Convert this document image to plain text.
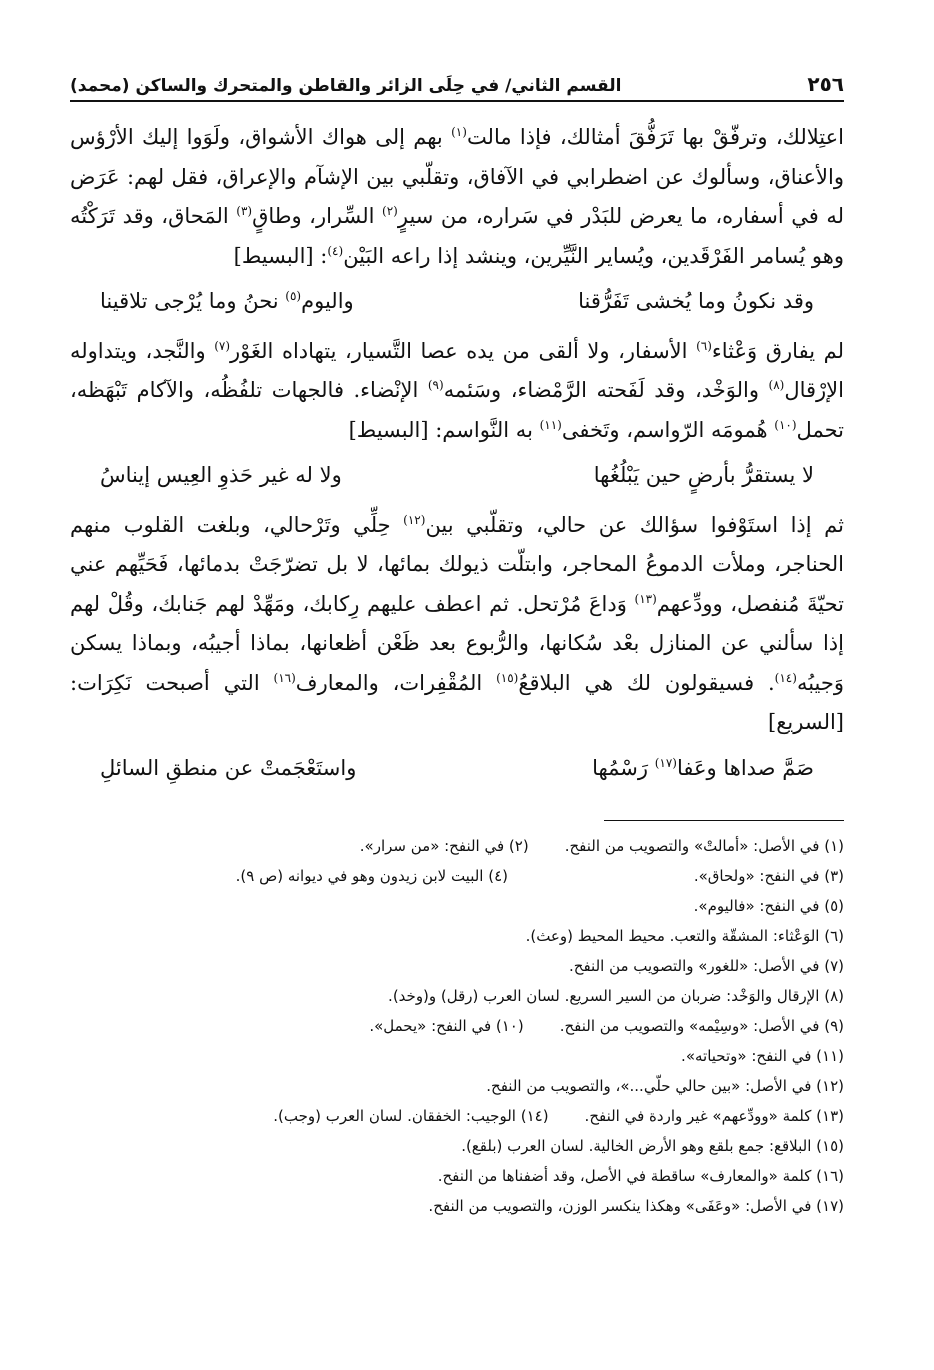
٢٥٦
القسم الثاني/ في حِلَى الزائر والقاطن والمتحرك والساكن (محمد)

اعتِلالك، وترفّقْ بها تَرَفُّقَ أمثالك، فإذا مالت$^{(١)}$ بهم إلى هواك الأشواق، ولَوَوا إليك الأرْؤس والأعناق، وسألوك عن اضطرابي في الآفاق، وتقلّبي بين الإشآم والإعراق، فقل لهم: عَرَض له في أسفاره، ما يعرض للبَدْر في سَراره، من سيرٍ$^{(٢)}$ السِّرار، وطاقٍ$^{(٣)}$ المَحاق، وقد تَرَكْتُه وهو يُسامر الفَرْقَدين، ويُساير النَّيِّرين، وينشد إذا راعه البَيْن$^{(٤)}$: [البسيط]

وقد نكونُ وما يُخشى تَفَرُّقنا
واليوم$^{(٥)}$ نحنُ وما يُرْجى تلاقينا

لم يفارق وَعْثاء$^{(٦)}$ الأسفار، ولا ألقى من يده عصا التَّسيار، يتهاداه الغَوْر$^{(٧)}$ والنَّجد، ويتداوله الإرْقال$^{(٨)}$ والوَخْد، وقد لَفَحته الرَّمْضاء، وسَئمه$^{(٩)}$ الإنْضاء. فالجهات تلفُظُه، والآكام تَبْهَظه، تحمل$^{(١٠)}$ هُمومَه الرّواسم، وتَخفى$^{(١١)}$ به النَّواسم: [البسيط]

لا يستقرُّ بأرضٍ حين يَبْلُغُها
ولا له غير حَذوِ العِيس إيناسُ

ثم إذا استَوْفوا سؤالك عن حالي، وتقلّبي بين$^{(١٢)}$ حِلِّي وتَرْحالي، وبلغت القلوب منهم الحناجر، وملأت الدموعُ المحاجر، وابتلّت ذيولك بمائها، لا بل تضرّجَتْ بدمائها، فَحَيِّهم عني تحيّةَ مُنفصل، وودِّعهم$^{(١٣)}$ وَداعَ مُرْتحل. ثم اعطف عليهم رِكابك، ومَهِّدْ لهم جَنابك، وقُلْ لهم إذا سألني عن المنازل بعْد سُكانها، والرُّبوع بعد ظَعْن أظعانها، بماذا أجيبُه، وبماذا يسكن وَجيبُه$^{(١٤)}$. فسيقولون لك هي البلاقعُ$^{(١٥)}$ المُقْفِرات، والمعارف$^{(١٦)}$ التي أصبحت نَكِرَات: [السريع]

صَمَّ صداها وعَفا$^{(١٧)}$ رَسْمُها
واستَعْجَمتْ عن منطقِ السائلِ
(١) في الأصل: «أمالتْ» والتصويب من النفح.
(٢) في النفح: «من سرار».
(٣) في النفح: «ولحاق».
(٤) البيت لابن زيدون وهو في ديوانه (ص ٩).
(٥) في النفح: «فاليوم».
(٦) الوَعْثاء: المشقّة والتعب. محيط المحيط (وعث).
(٧) في الأصل: «للغور» والتصويب من النفح.
(٨) الإرقال والوَخْد: ضربان من السير السريع. لسان العرب (رقل) و(وخد).
(٩) في الأصل: «وسِيْمه» والتصويب من النفح.
(١٠) في النفح: «يحمل».
(١١) في النفح: «وتحياته».
(١٢) في الأصل: «بين حالي حلّي...»، والتصويب من النفح.
(١٣) كلمة «وودِّعهم» غير واردة في النفح.
(١٤) الوجيب: الخفقان. لسان العرب (وجب).
(١٥) البلاقع: جمع بلقع وهو الأرض الخالية. لسان العرب (بلقع).
(١٦) كلمة «والمعارف» ساقطة في الأصل، وقد أضفناها من النفح.
(١٧) في الأصل: «وعَفَى» وهكذا ينكسر الوزن، والتصويب من النفح.
